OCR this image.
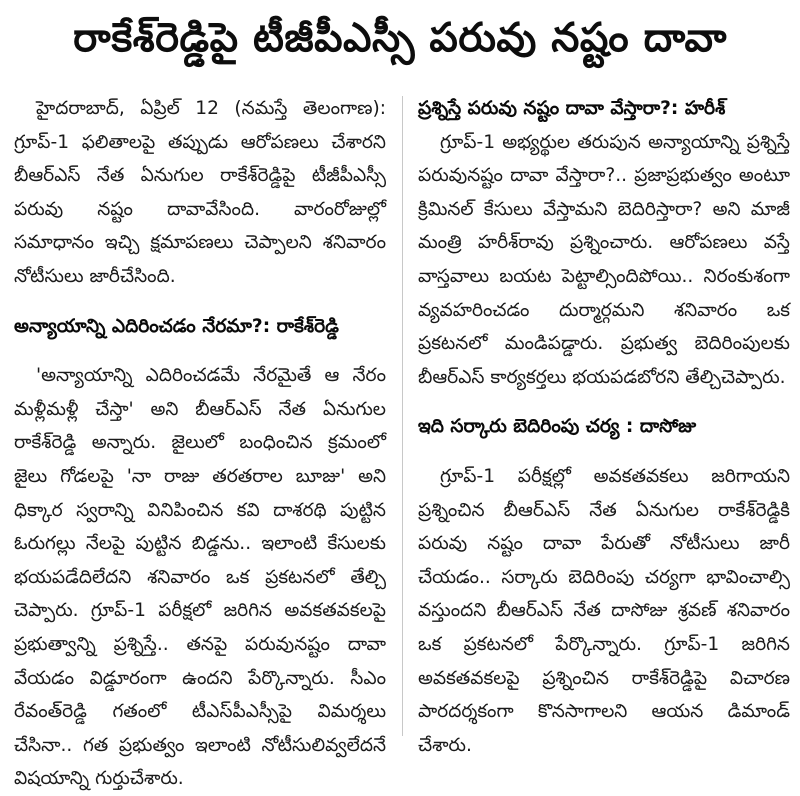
రాకేశ్‌రెడ్డిపై టీజీపీఎస్సీ పరువు నష్టం దావా

హైదరాబాద్, ఏప్రిల్ 12 (నమస్తే తెలంగాణ): గ్రూప్-1 ఫలితాలపై తప్పుడు ఆరోపణలు చేశారని బీఆర్ఎస్ నేత ఏనుగుల రాకేశ్‌రెడ్డిపై టీజీపీఎస్సీ పరువు నష్టం దావావేసింది. వారంరోజుల్లో సమాధానం ఇచ్చి క్షమాపణలు చెప్పాలని శనివారం నోటీసులు జారీచేసింది.

అన్యాయాన్ని ఎదిరించడం నేరమా?: రాకేశ్‌రెడ్డి

'అన్యాయాన్ని ఎదిరించడమే నేరమైతే ఆ నేరం మళ్లీమళ్లీ చేస్తా' అని బీఆర్ఎస్ నేత ఏనుగుల రాకేశ్‌రెడ్డి అన్నారు. జైలులో బంధించిన క్రమంలో జైలు గోడలపై 'నా రాజు తరతరాల బూజు' అని ధిక్కార స్వరాన్ని వినిపించిన కవి దాశరథి పుట్టిన ఓరుగల్లు నేలపై పుట్టిన బిడ్డను.. ఇలాంటి కేసులకు భయపడేదిలేదని శనివారం ఒక ప్రకటనలో తేల్చి చెప్పారు. గ్రూప్-1 పరీక్షలో జరిగిన అవకతవకలపై ప్రభుత్వాన్ని ప్రశ్నిస్తే.. తనపై పరువునష్టం దావా వేయడం విడ్డూరంగా ఉందని పేర్కొన్నారు. సీఎం రేవంత్‌రెడ్డి గతంలో టీఎస్‌పీఎస్సీపై విమర్శలు చేసినా.. గత ప్రభుత్వం ఇలాంటి నోటీసులివ్వలేదనే విషయాన్ని గుర్తుచేశారు.

ప్రశ్నిస్తే పరువు నష్టం దావా వేస్తారా?: హరీశ్

గ్రూప్-1 అభ్యర్థుల తరుపున అన్యాయాన్ని ప్రశ్నిస్తే పరువునష్టం దావా వేస్తారా?.. ప్రజాప్రభుత్వం అంటూ క్రిమినల్ కేసులు వేస్తామని బెదిరిస్తారా? అని మాజీ మంత్రి హరీశ్‌రావు ప్రశ్నించారు. ఆరోపణలు వస్తే వాస్తవాలు బయట పెట్టాల్సిందిపోయి.. నిరంకుశంగా వ్యవహరించడం దుర్మార్గమని శనివారం ఒక ప్రకటనలో మండిపడ్డారు. ప్రభుత్వ బెదిరింపులకు బీఆర్ఎస్ కార్యకర్తలు భయపడబోరని తేల్చిచెప్పారు.

ఇది సర్కారు బెదిరింపు చర్య : దాసోజు

గ్రూప్-1 పరీక్షల్లో అవకతవకలు జరిగాయని ప్రశ్నించిన బీఆర్ఎస్ నేత ఏనుగుల రాకేశ్‌రెడ్డికి పరువు నష్టం దావా పేరుతో నోటీసులు జారీ చేయడం.. సర్కారు బెదిరింపు చర్యగా భావించాల్సి వస్తుందని బీఆర్ఎస్ నేత దాసోజు శ్రవణ్ శనివారం ఒక ప్రకటనలో పేర్కొన్నారు. గ్రూప్-1 జరిగిన అవకతవకలపై ప్రశ్నించిన రాకేశ్‌రెడ్డిపై విచారణ పారదర్శకంగా కొనసాగాలని ఆయన డిమాండ్ చేశారు.
